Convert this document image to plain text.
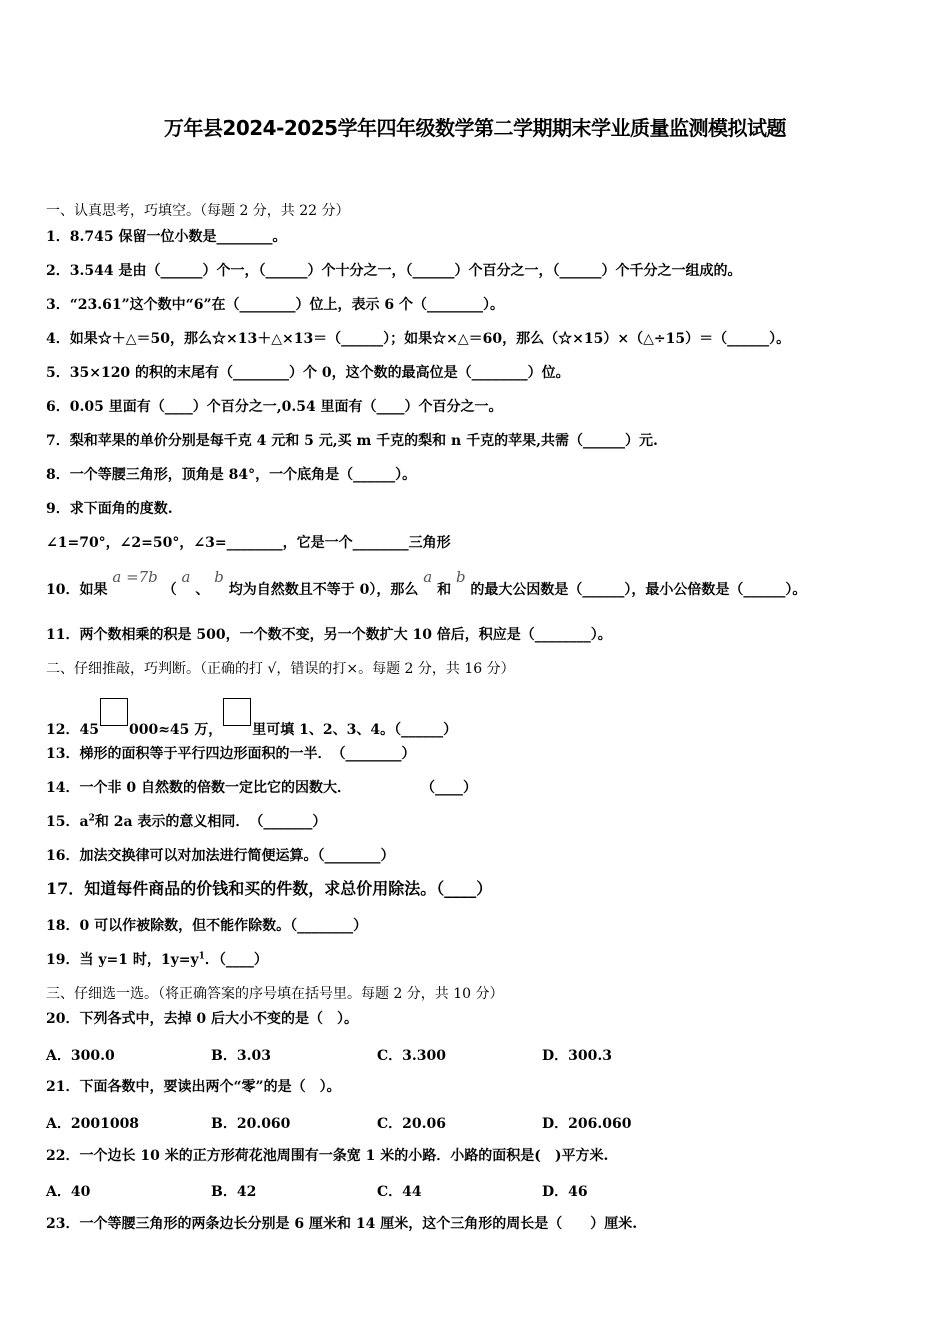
万年县2024-2025学年四年级数学第二学期期末学业质量监测模拟试题
一、认真思考，巧填空。（每题 2 分，共 22 分）
1．8.745 保留一位小数是________。
2．3.544 是由（______）个一，（______）个十分之一，（______）个百分之一，（______）个千分之一组成的。
3．“23.61”这个数中“6”在（________）位上，表示 6 个（________）。
4．如果☆＋△＝50，那么☆×13＋△×13＝（______）；如果☆×△＝60，那么（☆×15）×（△÷15）＝（______）。
5．35×120 的积的末尾有（________）个 0，这个数的最高位是（________）位。
6．0.05 里面有（____）个百分之一,0.54 里面有（____）个百分之一。
7．梨和苹果的单价分别是每千克 4 元和 5 元,买 m 千克的梨和 n 千克的苹果,共需（______）元.
8．一个等腰三角形，顶角是 84°，一个底角是（______）。
9．求下面角的度数.
∠1=70°，∠2=50°，∠3=________，它是一个________三角形
10．如果 a =7b （ a 、 b 均为自然数且不等于 0），那么 a 和 b 的最大公因数是（______），最小公倍数是（______）。
11．两个数相乘的积是 500，一个数不变，另一个数扩大 10 倍后，积应是（________）。
二、仔细推敲，巧判断。（正确的打 √，错误的打×。每题 2 分，共 16 分）
12．45 000≈45 万， 里可填 1、2、3、4。（______）
13．梯形的面积等于平行四边形面积的一半．　（________）
14．一个非 0 自然数的倍数一定比它的因数大．　　　　　　（____）
15．$a^2$和 2a 表示的意义相同．　（_______）
16．加法交换律可以对加法进行简便运算。（________）
17．知道每件商品的价钱和买的件数，求总价用除法。（____）
18．0 可以作被除数，但不能作除数。（________）
19．当 y=1 时，$1y=y^1$．（____）
三、仔细选一选。（将正确答案的序号填在括号里。每题 2 分，共 10 分）
20．下列各式中，去掉 0 后大小不变的是（　）。
A．300.0	B．3.03	C．3.300	D．300.3
21．下面各数中，要读出两个“零”的是（　）。
A．2001008	B．20.060	C．20.06	D．206.060
22．一个边长 10 米的正方形荷花池周围有一条宽 1 米的小路．小路的面积是(　)平方米.
A．40	B．42	C．44	D．46
23．一个等腰三角形的两条边长分别是 6 厘米和 14 厘米，这个三角形的周长是（　　）厘米.
